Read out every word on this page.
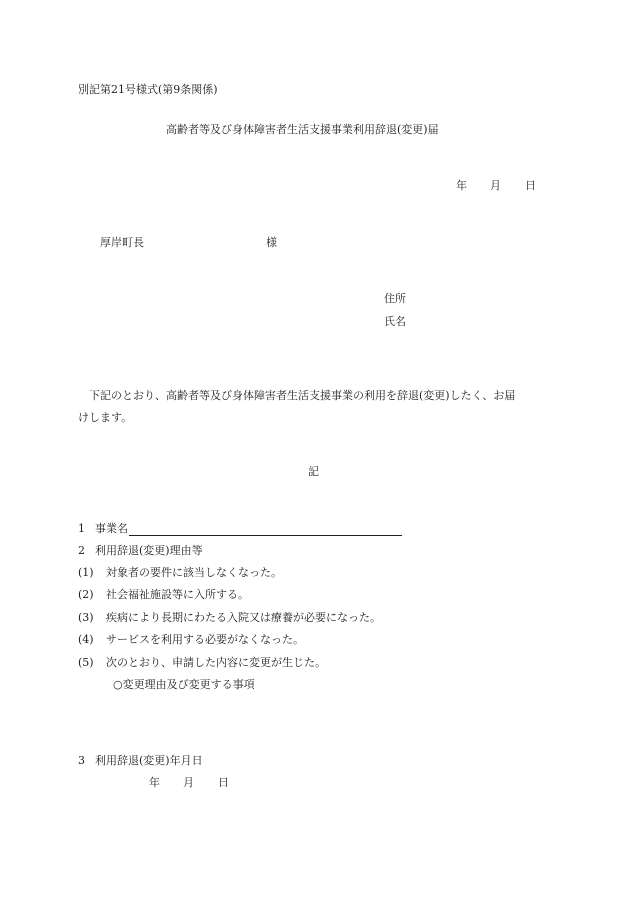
別記第21号様式(第9条関係)
高齢者等及び身体障害者生活支援事業利用辞退(変更)届
年 月 日
厚岸町長	様
住所
氏名
下記のとおり、高齢者等及び身体障害者生活支援事業の利用を辞退(変更)したく、お届
けします。
記
1 事業名
2 利用辞退(変更)理由等
(1) 対象者の要件に該当しなくなった。
(2) 社会福祉施設等に入所する。
(3) 疾病により長期にわたる入院又は療養が必要になった。
(4) サービスを利用する必要がなくなった。
(5) 次のとおり、申請した内容に変更が生じた。
○変更理由及び変更する事項
3 利用辞退(変更)年月日
年 月 日
